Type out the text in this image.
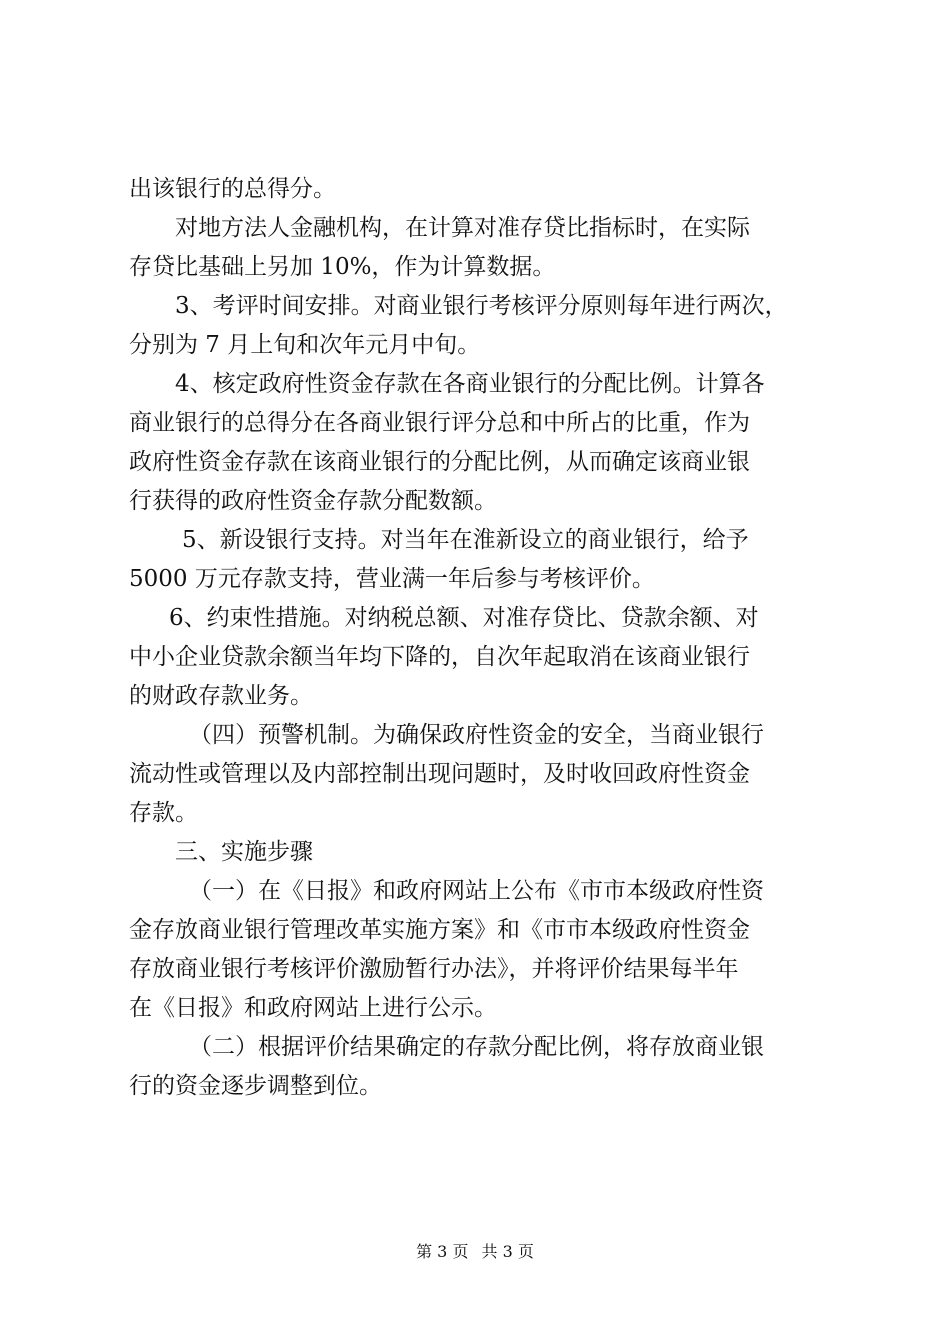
出该银行的总得分。
对地方法人金融机构，在计算对准存贷比指标时，在实际
存贷比基础上另加 10%，作为计算数据。
3、考评时间安排。对商业银行考核评分原则每年进行两次，
分别为 7 月上旬和次年元月中旬。
4、核定政府性资金存款在各商业银行的分配比例。计算各
商业银行的总得分在各商业银行评分总和中所占的比重，作为
政府性资金存款在该商业银行的分配比例，从而确定该商业银
行获得的政府性资金存款分配数额。
5、新设银行支持。对当年在淮新设立的商业银行，给予
5000 万元存款支持，营业满一年后参与考核评价。
6、约束性措施。对纳税总额、对准存贷比、贷款余额、对
中小企业贷款余额当年均下降的，自次年起取消在该商业银行
的财政存款业务。
（四）预警机制。为确保政府性资金的安全，当商业银行
流动性或管理以及内部控制出现问题时，及时收回政府性资金
存款。
三、实施步骤
（一）在《日报》和政府网站上公布《市市本级政府性资
金存放商业银行管理改革实施方案》和《市市本级政府性资金
存放商业银行考核评价激励暂行办法》，并将评价结果每半年
在《日报》和政府网站上进行公示。
（二）根据评价结果确定的存款分配比例，将存放商业银
行的资金逐步调整到位。
第 3 页 共 3 页
